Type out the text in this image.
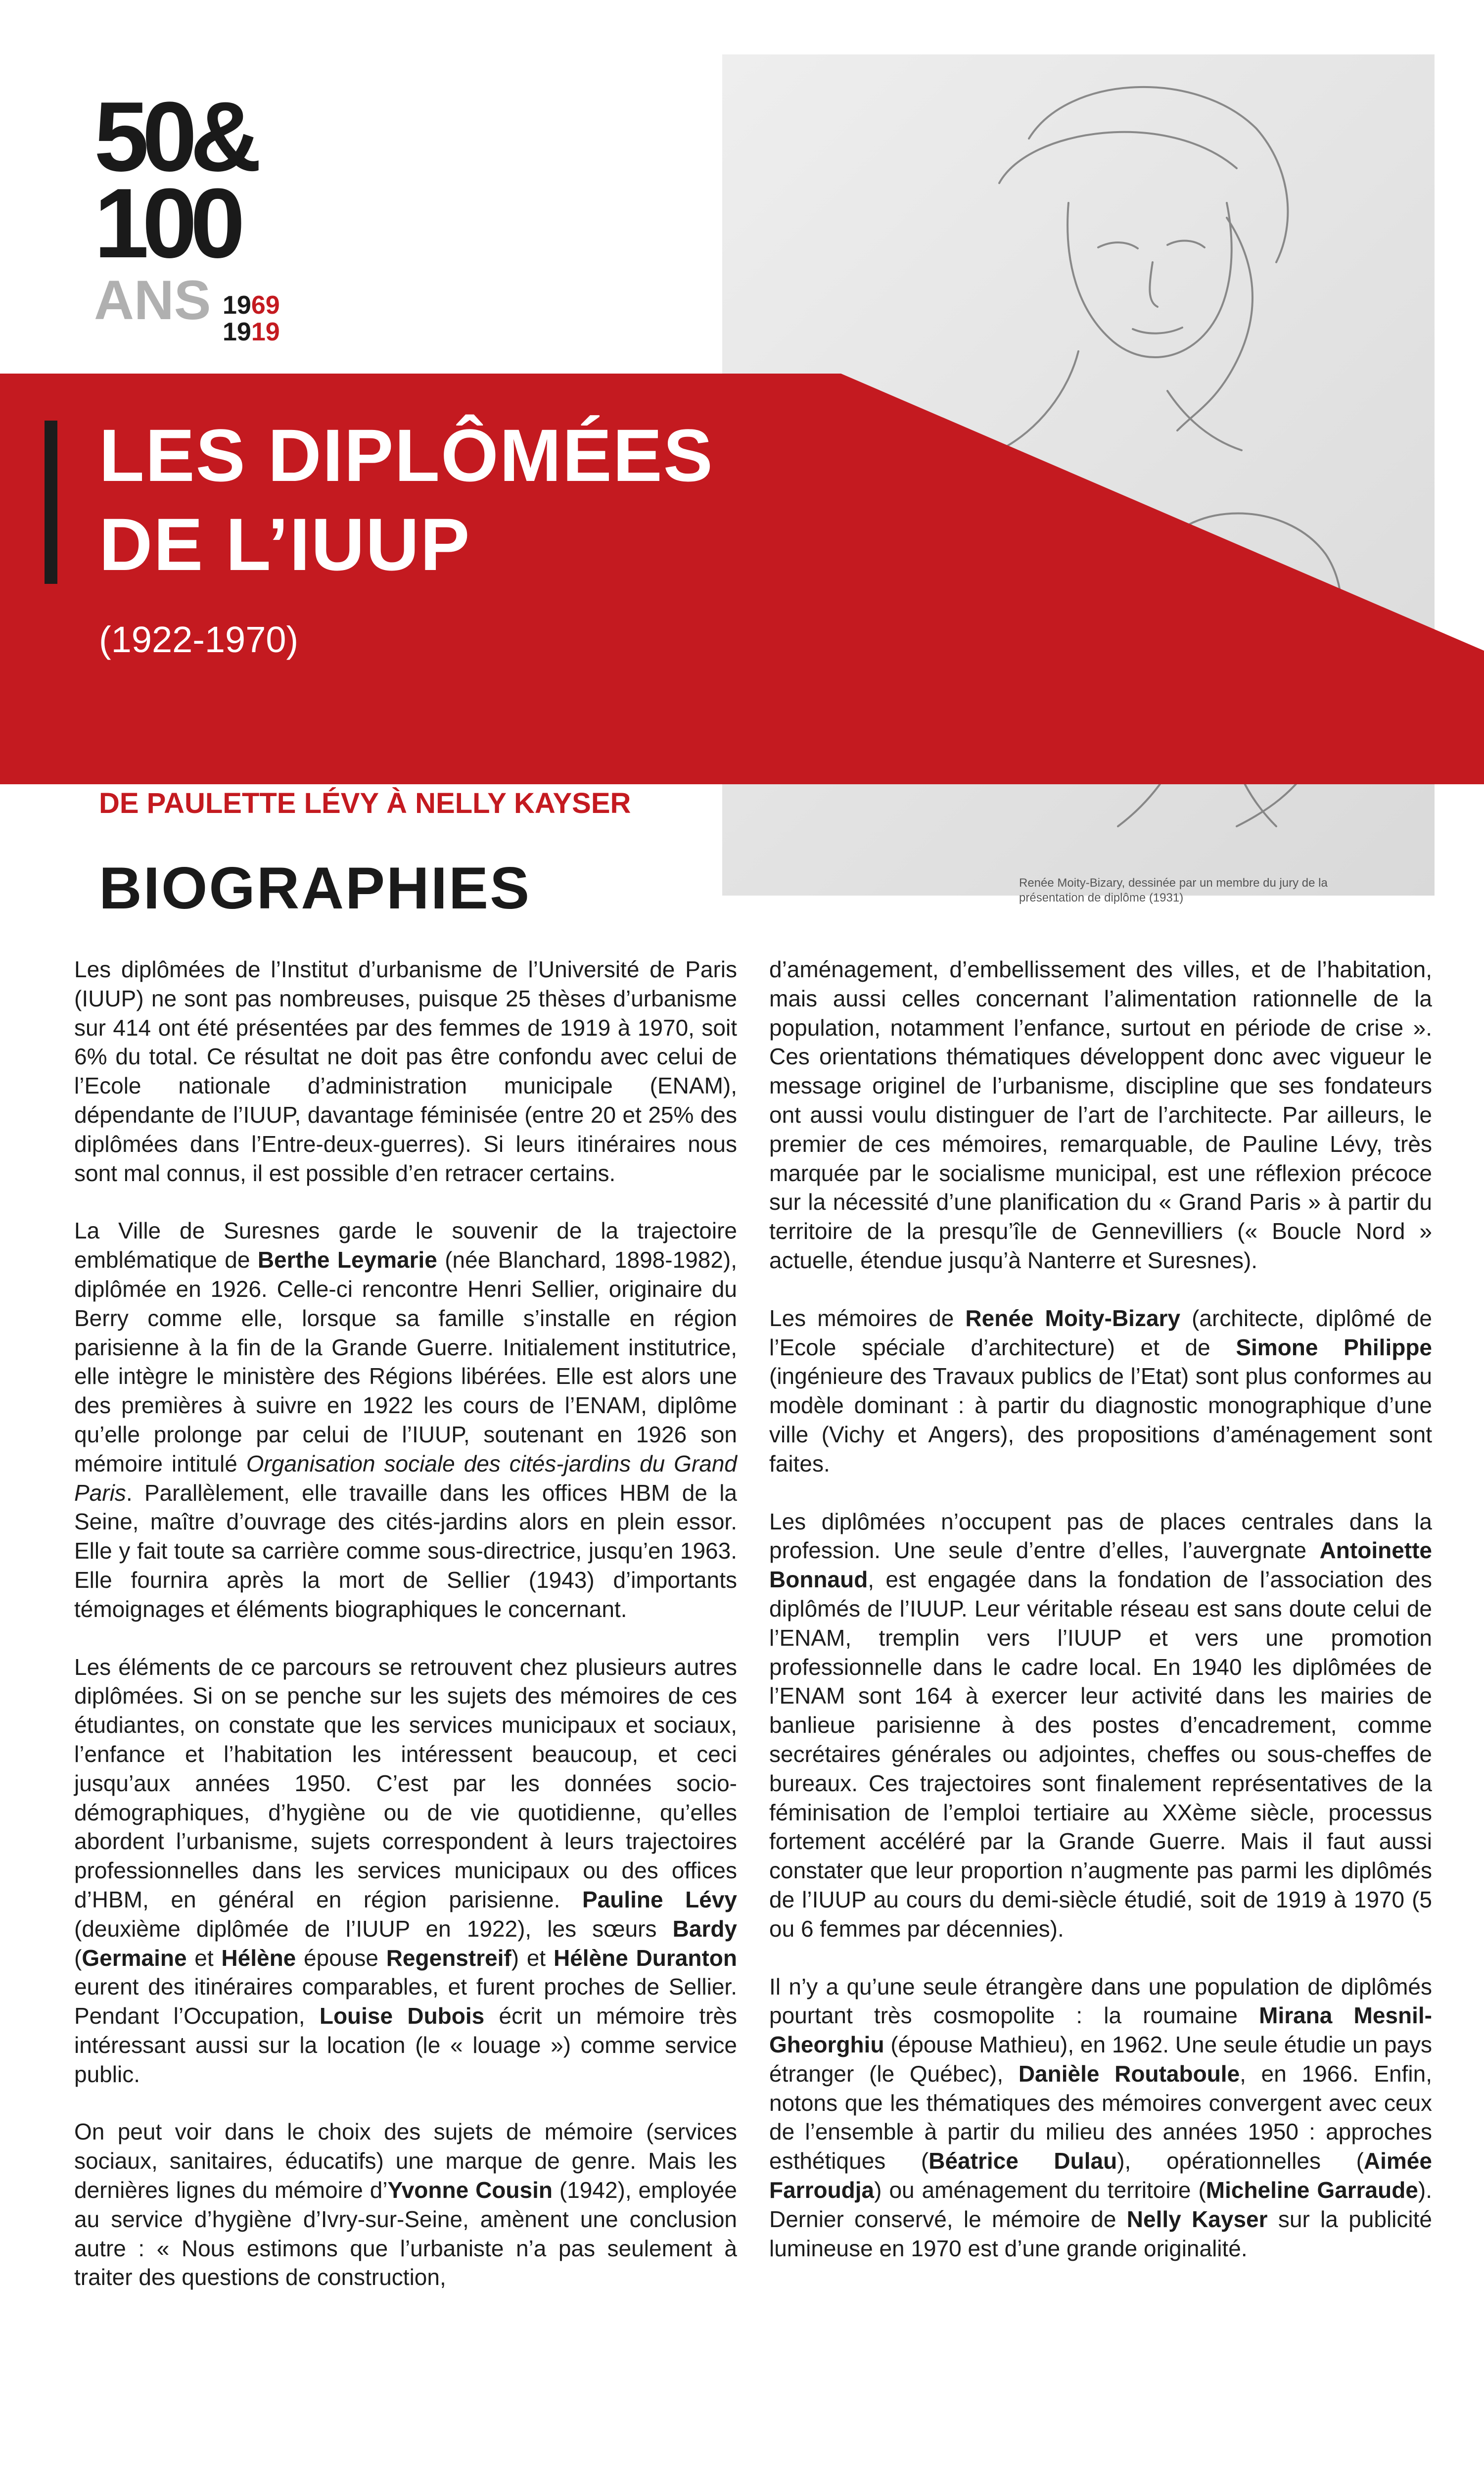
50&
100
ANS 1969
1919
LES DIPLÔMÉES
DE L’IUUP
(1922-1970)
DE PAULETTE LÉVY À NELLY KAYSER
BIOGRAPHIES	Renée Moity-Bizary, dessinée par un membre du jury de la présentation de diplôme (1931)

Les diplômées de l’Institut d’urbanisme de l’Université de Paris (IUUP) ne sont pas nombreuses, puisque 25 thèses d’urbanisme sur 414 ont été présentées par des femmes de 1919 à 1970, soit 6% du total. Ce résultat ne doit pas être confondu avec celui de l’Ecole nationale d’administration municipale (ENAM), dépendante de l’IUUP, davantage féminisée (entre 20 et 25% des diplômées dans l’Entre-deux-guerres). Si leurs itinéraires nous sont mal connus, il est possible d’en retracer certains.

La Ville de Suresnes garde le souvenir de la trajectoire emblématique de Berthe Leymarie (née Blanchard, 1898-1982), diplômée en 1926. Celle-ci rencontre Henri Sellier, originaire du Berry comme elle, lorsque sa famille s’installe en région parisienne à la fin de la Grande Guerre. Initialement institutrice, elle intègre le ministère des Régions libérées. Elle est alors une des premières à suivre en 1922 les cours de l’ENAM, diplôme qu’elle prolonge par celui de l’IUUP, soutenant en 1926 son mémoire intitulé Organisation sociale des cités-jardins du Grand Paris. Parallèlement, elle travaille dans les offices HBM de la Seine, maître d’ouvrage des cités-jardins alors en plein essor. Elle y fait toute sa carrière comme sous-directrice, jusqu’en 1963. Elle fournira après la mort de Sellier (1943) d’importants témoignages et éléments biographiques le concernant.

Les éléments de ce parcours se retrouvent chez plusieurs autres diplômées. Si on se penche sur les sujets des mémoires de ces étudiantes, on constate que les services municipaux et sociaux, l’enfance et l’habitation les intéressent beaucoup, et ceci jusqu’aux années 1950. C’est par les données socio-démographiques, d’hygiène ou de vie quotidienne, qu’elles abordent l’urbanisme, sujets correspondent à leurs trajectoires professionnelles dans les services municipaux ou des offices d’HBM, en général en région parisienne. Pauline Lévy (deuxième diplômée de l’IUUP en 1922), les sœurs Bardy (Germaine et Hélène épouse Regenstreif) et Hélène Duranton eurent des itinéraires comparables, et furent proches de Sellier. Pendant l’Occupation, Louise Dubois écrit un mémoire très intéressant aussi sur la location (le « louage ») comme service public.

On peut voir dans le choix des sujets de mémoire (services sociaux, sanitaires, éducatifs) une marque de genre. Mais les dernières lignes du mémoire d’Yvonne Cousin (1942), employée au service d’hygiène d’Ivry-sur-Seine, amènent une conclusion autre : « Nous estimons que l’urbaniste n’a pas seulement à traiter des questions de construction,

d’aménagement, d’embellissement des villes, et de l’habitation, mais aussi celles concernant l’alimentation rationnelle de la population, notamment l’enfance, surtout en période de crise ». Ces orientations thématiques développent donc avec vigueur le message originel de l’urbanisme, discipline que ses fondateurs ont aussi voulu distinguer de l’art de l’architecte. Par ailleurs, le premier de ces mémoires, remarquable, de Pauline Lévy, très marquée par le socialisme municipal, est une réflexion précoce sur la nécessité d’une planification du « Grand Paris » à partir du territoire de la presqu’île de Gennevilliers (« Boucle Nord » actuelle, étendue jusqu’à Nanterre et Suresnes).

Les mémoires de Renée Moity-Bizary (architecte, diplômé de l’Ecole spéciale d’architecture) et de Simone Philippe (ingénieure des Travaux publics de l’Etat) sont plus conformes au modèle dominant : à partir du diagnostic monographique d’une ville (Vichy et Angers), des propositions d’aménagement sont faites.

Les diplômées n’occupent pas de places centrales dans la profession. Une seule d’entre d’elles, l’auvergnate Antoinette Bonnaud, est engagée dans la fondation de l’association des diplômés de l’IUUP. Leur véritable réseau est sans doute celui de l’ENAM, tremplin vers l’IUUP et vers une promotion professionnelle dans le cadre local. En 1940 les diplômées de l’ENAM sont 164 à exercer leur activité dans les mairies de banlieue parisienne à des postes d’encadrement, comme secrétaires générales ou adjointes, cheffes ou sous-cheffes de bureaux. Ces trajectoires sont finalement représentatives de la féminisation de l’emploi tertiaire au XXème siècle, processus fortement accéléré par la Grande Guerre. Mais il faut aussi constater que leur proportion n’augmente pas parmi les diplômés de l’IUUP au cours du demi-siècle étudié, soit de 1919 à 1970 (5 ou 6 femmes par décennies).

Il n’y a qu’une seule étrangère dans une population de diplômés pourtant très cosmopolite : la roumaine Mirana Mesnil-Gheorghiu (épouse Mathieu), en 1962. Une seule étudie un pays étranger (le Québec), Danièle Routaboule, en 1966. Enfin, notons que les thématiques des mémoires convergent avec ceux de l’ensemble à partir du milieu des années 1950 : approches esthétiques (Béatrice Dulau), opérationnelles (Aimée Farroudja) ou aménagement du territoire (Micheline Garraude). Dernier conservé, le mémoire de Nelly Kayser sur la publicité lumineuse en 1970 est d’une grande originalité.
